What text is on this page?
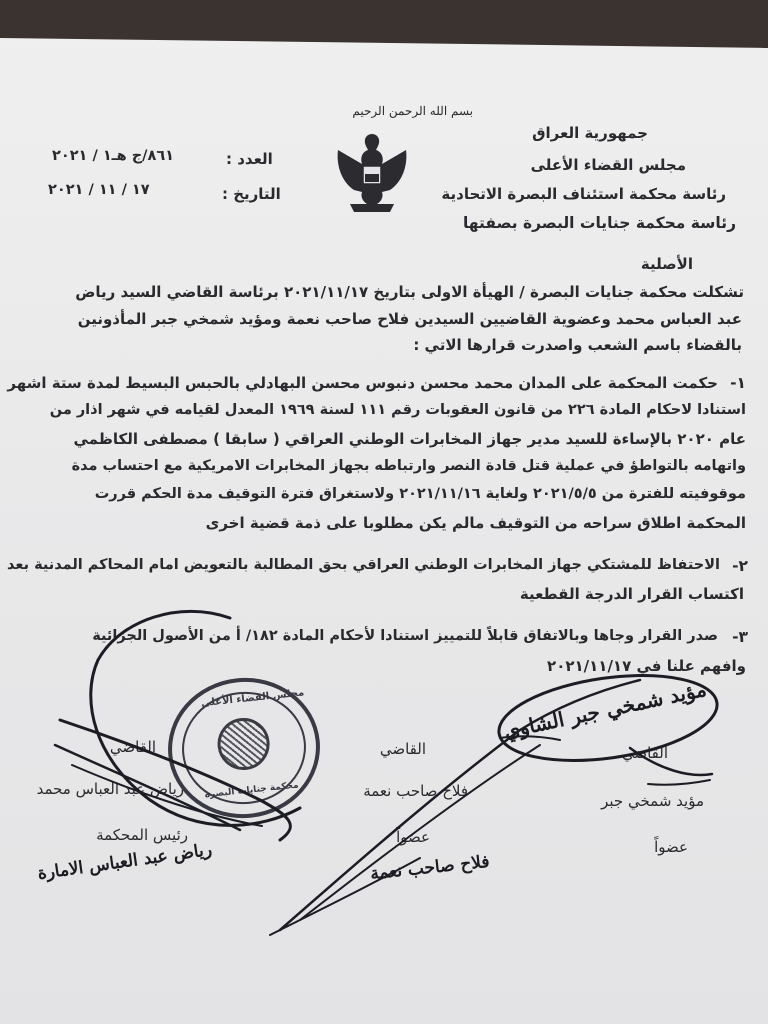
بسم الله الرحمن الرحيم
جمهورية العراق
مجلس القضاء الأعلى
رئاسة محكمة استئناف البصرة الاتحادية
رئاسة محكمة جنايات البصرة بصفتها
الأصلية
العدد :
٨٦١/ج هـ١ / ٢٠٢١
التاريخ :
١٧ / ١١ / ٢٠٢١
تشكلت محكمة جنايات البصرة / الهيأة الاولى بتاريخ ٢٠٢١/١١/١٧ برئاسة القاضي السيد رياض
عبد العباس محمد وعضوية القاضيين السيدين فلاح صاحب نعمة ومؤيد شمخي جبر المأذونين
بالقضاء باسم الشعب واصدرت قرارها الاتي :
١-
حكمت المحكمة على المدان محمد محسن دنبوس محسن البهادلي بالحبس البسيط لمدة ستة اشهر
استنادا لاحكام المادة ٢٢٦ من قانون العقوبات رقم ١١١ لسنة ١٩٦٩ المعدل لقيامه في شهر اذار من
عام ٢٠٢٠ بالإساءة للسيد مدير جهاز المخابرات الوطني العراقي ( سابقا ) مصطفى الكاظمي
واتهامه بالتواطؤ في عملية قتل قادة النصر وارتباطه بجهاز المخابرات الامريكية مع احتساب مدة
موقوفيته للفترة من ٢٠٢١/٥/٥ ولغاية ٢٠٢١/١١/١٦ ولاستغراق فترة التوقيف مدة الحكم قررت
المحكمة اطلاق سراحه من التوقيف مالم يكن مطلوبا على ذمة قضية اخرى
٢-
الاحتفاظ للمشتكي جهاز المخابرات الوطني العراقي بحق المطالبة بالتعويض امام المحاكم المدنية بعد
اكتساب القرار الدرجة القطعية
٣-
صدر القرار وجاها وبالاتفاق قابلاً للتمييز استنادا لأحكام المادة ١٨٢/ أ من الأصول الجزائية
وافهم علنا في ٢٠٢١/١١/١٧
القاضي
مؤيد شمخي جبر
عضواً
القاضي
فلاح صاحب نعمة
عضواً
القاضي
رياض عبد العباس محمد
رئيس المحكمة
مؤيد شمخي جبر الشاوي
فلاح صاحب نعمة
رياض عبد العباس الامارة
مجلس القضاء الأعلى
محكمة جنايات البصرة
